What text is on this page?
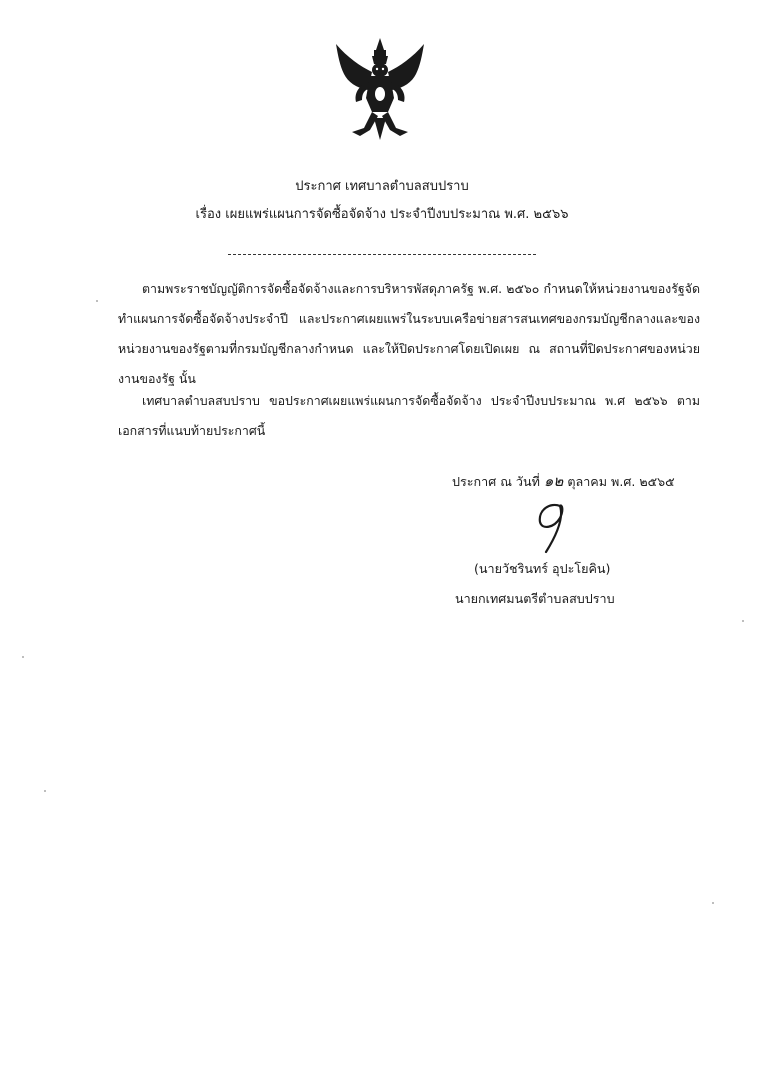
ประกาศ เทศบาลตำบลสบปราบ
เรื่อง เผยแพร่แผนการจัดซื้อจัดจ้าง ประจำปีงบประมาณ พ.ศ. ๒๕๖๖
ตามพระราชบัญญัติการจัดซื้อจัดจ้างและการบริหารพัสดุภาครัฐ พ.ศ. ๒๕๖๐ กำหนดให้หน่วยงานของรัฐจัดทำแผนการจัดซื้อจัดจ้างประจำปี และประกาศเผยแพร่ในระบบเครือข่ายสารสนเทศของกรมบัญชีกลางและของหน่วยงานของรัฐตามที่กรมบัญชีกลางกำหนด และให้ปิดประกาศโดยเปิดเผย ณ สถานที่ปิดประกาศของหน่วยงานของรัฐ นั้น
เทศบาลตำบลสบปราบ ขอประกาศเผยแพร่แผนการจัดซื้อจัดจ้าง ประจำปีงบประมาณ พ.ศ ๒๕๖๖ ตามเอกสารที่แนบท้ายประกาศนี้
ประกาศ ณ วันที่ ๑๒ ตุลาคม พ.ศ. ๒๕๖๕
(นายวัชรินทร์ อุปะโยคิน)
นายกเทศมนตรีตำบลสบปราบ
